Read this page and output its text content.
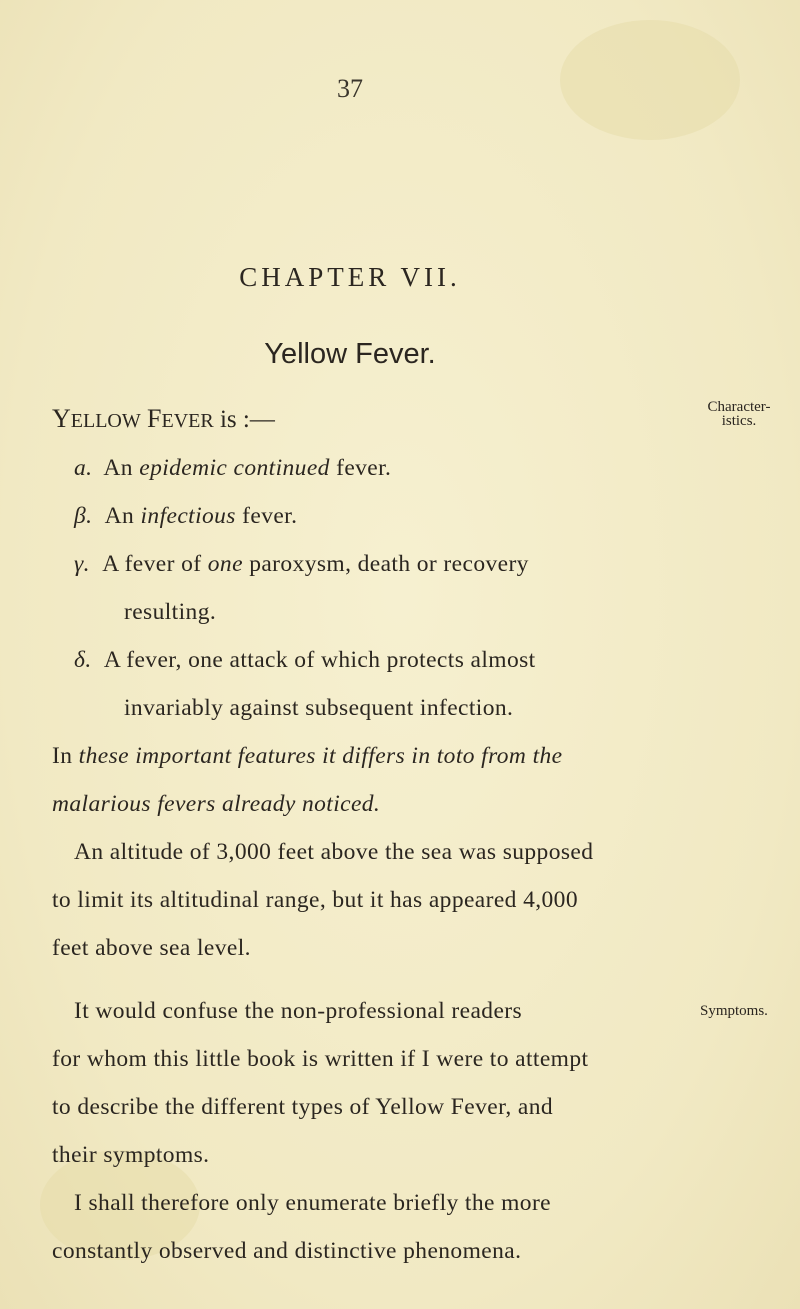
37
CHAPTER VII.
Yellow Fever.
YELLOW FEVER is :—	Character-istics.
a. An epidemic continued fever.
β. An infectious fever.
γ. A fever of one paroxysm, death or recovery
resulting.
δ. A fever, one attack of which protects almost
invariably against subsequent infection.
In these important features it differs in toto from the
malarious fevers already noticed.
An altitude of 3,000 feet above the sea was supposed
to limit its altitudinal range, but it has appeared 4,000
feet above sea level.
It would confuse the non-professional readers	Symptoms.
for whom this little book is written if I were to attempt
to describe the different types of Yellow Fever, and
their symptoms.
I shall therefore only enumerate briefly the more
constantly observed and distinctive phenomena.
